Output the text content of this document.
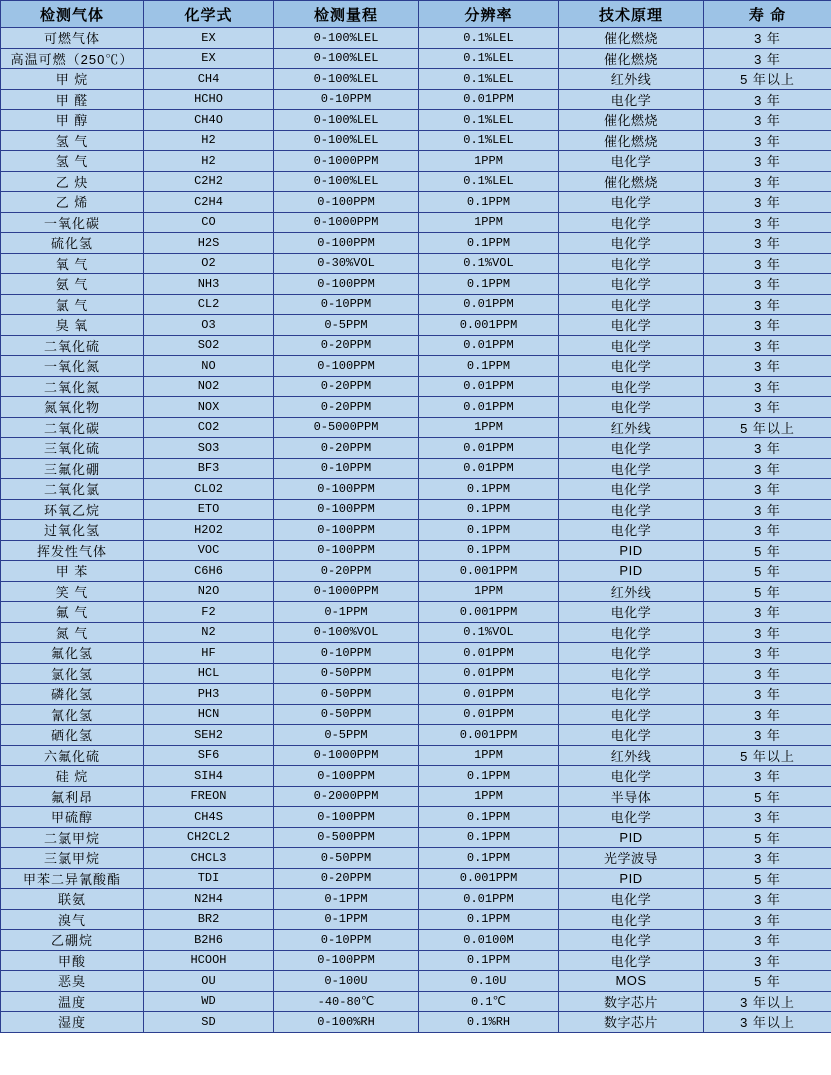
检测气体	化学式	检测量程	分辨率	技术原理	寿 命
可燃气体	EX	0-100%LEL	0.1%LEL	催化燃烧	3 年
高温可燃（250℃）	EX	0-100%LEL	0.1%LEL	催化燃烧	3 年
甲 烷	CH4	0-100%LEL	0.1%LEL	红外线	5 年以上
甲 醛	HCHO	0-10PPM	0.01PPM	电化学	3 年
甲 醇	CH4O	0-100%LEL	0.1%LEL	催化燃烧	3 年
氢 气	H2	0-100%LEL	0.1%LEL	催化燃烧	3 年
氢 气	H2	0-1000PPM	1PPM	电化学	3 年
乙 炔	C2H2	0-100%LEL	0.1%LEL	催化燃烧	3 年
乙 烯	C2H4	0-100PPM	0.1PPM	电化学	3 年
一氧化碳	CO	0-1000PPM	1PPM	电化学	3 年
硫化氢	H2S	0-100PPM	0.1PPM	电化学	3 年
氧 气	O2	0-30%VOL	0.1%VOL	电化学	3 年
氨 气	NH3	0-100PPM	0.1PPM	电化学	3 年
氯 气	CL2	0-10PPM	0.01PPM	电化学	3 年
臭 氧	O3	0-5PPM	0.001PPM	电化学	3 年
二氧化硫	SO2	0-20PPM	0.01PPM	电化学	3 年
一氧化氮	NO	0-100PPM	0.1PPM	电化学	3 年
二氧化氮	NO2	0-20PPM	0.01PPM	电化学	3 年
氮氧化物	NOX	0-20PPM	0.01PPM	电化学	3 年
二氧化碳	CO2	0-5000PPM	1PPM	红外线	5 年以上
三氧化硫	SO3	0-20PPM	0.01PPM	电化学	3 年
三氟化硼	BF3	0-10PPM	0.01PPM	电化学	3 年
二氧化氯	CLO2	0-100PPM	0.1PPM	电化学	3 年
环氧乙烷	ETO	0-100PPM	0.1PPM	电化学	3 年
过氧化氢	H2O2	0-100PPM	0.1PPM	电化学	3 年
挥发性气体	VOC	0-100PPM	0.1PPM	PID	5 年
甲 苯	C6H6	0-20PPM	0.001PPM	PID	5 年
笑 气	N2O	0-1000PPM	1PPM	红外线	5 年
氟 气	F2	0-1PPM	0.001PPM	电化学	3 年
氮 气	N2	0-100%VOL	0.1%VOL	电化学	3 年
氟化氢	HF	0-10PPM	0.01PPM	电化学	3 年
氯化氢	HCL	0-50PPM	0.01PPM	电化学	3 年
磷化氢	PH3	0-50PPM	0.01PPM	电化学	3 年
氰化氢	HCN	0-50PPM	0.01PPM	电化学	3 年
硒化氢	SEH2	0-5PPM	0.001PPM	电化学	3 年
六氟化硫	SF6	0-1000PPM	1PPM	红外线	5 年以上
硅 烷	SIH4	0-100PPM	0.1PPM	电化学	3 年
氟利昂	FREON	0-2000PPM	1PPM	半导体	5 年
甲硫醇	CH4S	0-100PPM	0.1PPM	电化学	3 年
二氯甲烷	CH2CL2	0-500PPM	0.1PPM	PID	5 年
三氯甲烷	CHCL3	0-50PPM	0.1PPM	光学波导	3 年
甲苯二异氰酸酯	TDI	0-20PPM	0.001PPM	PID	5 年
联氨	N2H4	0-1PPM	0.01PPM	电化学	3 年
溴气	BR2	0-1PPM	0.1PPM	电化学	3 年
乙硼烷	B2H6	0-10PPM	0.0100M	电化学	3 年
甲酸	HCOOH	0-100PPM	0.1PPM	电化学	3 年
恶臭	OU	0-100U	0.10U	MOS	5 年
温度	WD	-40-80℃	0.1℃	数字芯片	3 年以上
湿度	SD	0-100%RH	0.1%RH	数字芯片	3 年以上
